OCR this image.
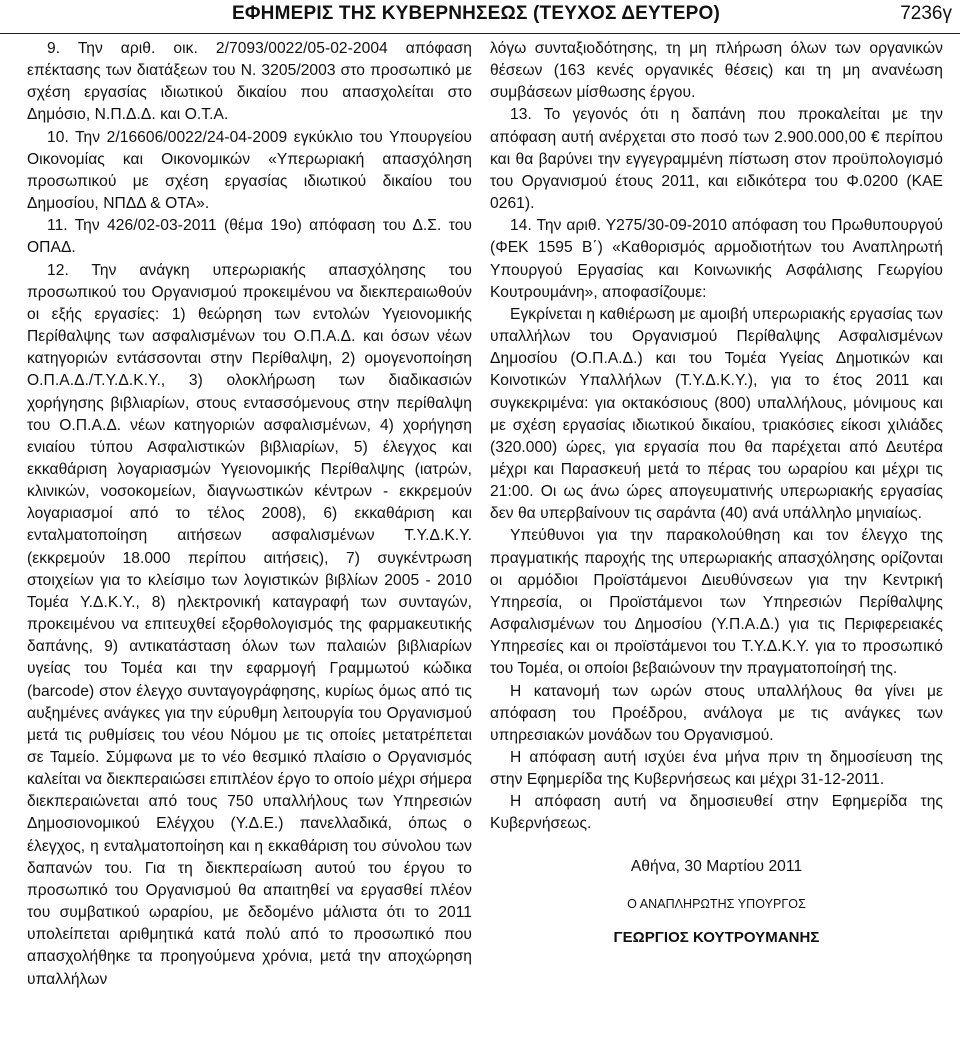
ΕΦΗΜΕΡΙΣ ΤΗΣ ΚΥΒΕΡΝΗΣΕΩΣ (ΤΕΥΧΟΣ ΔΕΥΤΕΡΟ)	7236γ

9. Την αριθ. οικ. 2/7093/0022/05-02-2004 απόφαση επέκτασης των διατάξεων του Ν. 3205/2003 στο προσωπικό με σχέση εργασίας ιδιωτικού δικαίου που απασχολείται στο Δημόσιο, Ν.Π.Δ.Δ. και Ο.Τ.Α.

10. Την 2/16606/0022/24-04-2009 εγκύκλιο του Υπουργείου Οικονομίας και Οικονομικών «Υπερωριακή απασχόληση προσωπικού με σχέση εργασίας ιδιωτικού δικαίου του Δημοσίου, ΝΠΔΔ & ΟΤΑ».

11. Την 426/02-03-2011 (θέμα 19ο) απόφαση του Δ.Σ. του ΟΠΑΔ.

12. Την ανάγκη υπερωριακής απασχόλησης του προσωπικού του Οργανισμού προκειμένου να διεκπεραιωθούν οι εξής εργασίες: 1) θεώρηση των εντολών Υγειονομικής Περίθαλψης των ασφαλισμένων του Ο.Π.Α.Δ. και όσων νέων κατηγοριών εντάσσονται στην Περίθαλψη, 2) ομογενοποίηση Ο.Π.Α.Δ./Τ.Υ.Δ.Κ.Υ., 3) ολοκλήρωση των διαδικασιών χορήγησης βιβλιαρίων, στους εντασσόμενους στην περίθαλψη του Ο.Π.Α.Δ. νέων κατηγοριών ασφαλισμένων, 4) χορήγηση ενιαίου τύπου Ασφαλιστικών βιβλιαρίων, 5) έλεγχος και εκκαθάριση λογαριασμών Υγειονομικής Περίθαλψης (ιατρών, κλινικών, νοσοκομείων, διαγνωστικών κέντρων - εκκρεμούν λογαριασμοί από το τέλος 2008), 6) εκκαθάριση και ενταλματοποίηση αιτήσεων ασφαλισμένων Τ.Υ.Δ.Κ.Υ. (εκκρεμούν 18.000 περίπου αιτήσεις), 7) συγκέντρωση στοιχείων για το κλείσιμο των λογιστικών βιβλίων 2005 - 2010 Τομέα Υ.Δ.Κ.Υ., 8) ηλεκτρονική καταγραφή των συνταγών, προκειμένου να επιτευχθεί εξορθολογισμός της φαρμακευτικής δαπάνης, 9) αντικατάσταση όλων των παλαιών βιβλιαρίων υγείας του Τομέα και την εφαρμογή Γραμμωτού κώδικα (barcode) στον έλεγχο συνταγογράφησης, κυρίως όμως από τις αυξημένες ανάγκες για την εύρυθμη λειτουργία του Οργανισμού μετά τις ρυθμίσεις του νέου Νόμου με τις οποίες μετατρέπεται σε Ταμείο. Σύμφωνα με το νέο θεσμικό πλαίσιο ο Οργανισμός καλείται να διεκπεραιώσει επιπλέον έργο το οποίο μέχρι σήμερα διεκπεραιώνεται από τους 750 υπαλλήλους των Υπηρεσιών Δημοσιονομικού Ελέγχου (Υ.Δ.Ε.) πανελλαδικά, όπως ο έλεγχος, η ενταλματοποίηση και η εκκαθάριση του σύνολου των δαπανών του. Για τη διεκπεραίωση αυτού του έργου το προσωπικό του Οργανισμού θα απαιτηθεί να εργασθεί πλέον του συμβατικού ωραρίου, με δεδομένο μάλιστα ότι το 2011 υπολείπεται αριθμητικά κατά πολύ από το προσωπικό που απασχολήθηκε τα προηγούμενα χρόνια, μετά την αποχώρηση υπαλλήλων

λόγω συνταξιοδότησης, τη μη πλήρωση όλων των οργανικών θέσεων (163 κενές οργανικές θέσεις) και τη μη ανανέωση συμβάσεων μίσθωσης έργου.

13. Το γεγονός ότι η δαπάνη που προκαλείται με την απόφαση αυτή ανέρχεται στο ποσό των 2.900.000,00 € περίπου και θα βαρύνει την εγγεγραμμένη πίστωση στον προϋπολογισμό του Οργανισμού έτους 2011, και ειδικότερα του Φ.0200 (ΚΑΕ 0261).

14. Την αριθ. Υ275/30-09-2010 απόφαση του Πρωθυπουργού (ΦΕΚ 1595 Β΄) «Καθορισμός αρμοδιοτήτων του Αναπληρωτή Υπουργού Εργασίας και Κοινωνικής Ασφάλισης Γεωργίου Κουτρουμάνη», αποφασίζουμε:

Εγκρίνεται η καθιέρωση με αμοιβή υπερωριακής εργασίας των υπαλλήλων του Οργανισμού Περίθαλψης Ασφαλισμένων Δημοσίου (Ο.Π.Α.Δ.) και του Τομέα Υγείας Δημοτικών και Κοινοτικών Υπαλλήλων (Τ.Υ.Δ.Κ.Υ.), για το έτος 2011 και συγκεκριμένα: για οκτακόσιους (800) υπαλλήλους, μόνιμους και με σχέση εργασίας ιδιωτικού δικαίου, τριακόσιες είκοσι χιλιάδες (320.000) ώρες, για εργασία που θα παρέχεται από Δευτέρα μέχρι και Παρασκευή μετά το πέρας του ωραρίου και μέχρι τις 21:00. Οι ως άνω ώρες απογευματινής υπερωριακής εργασίας δεν θα υπερβαίνουν τις σαράντα (40) ανά υπάλληλο μηνιαίως.

Υπεύθυνοι για την παρακολούθηση και τον έλεγχο της πραγματικής παροχής της υπερωριακής απασχόλησης ορίζονται οι αρμόδιοι Προϊστάμενοι Διευθύνσεων για την Κεντρική Υπηρεσία, οι Προϊστάμενοι των Υπηρεσιών Περίθαλψης Ασφαλισμένων του Δημοσίου (Υ.Π.Α.Δ.) για τις Περιφερειακές Υπηρεσίες και οι προϊστάμενοι του Τ.Υ.Δ.Κ.Υ. για το προσωπικό του Τομέα, οι οποίοι βεβαιώνουν την πραγματοποίησή της.

Η κατανομή των ωρών στους υπαλλήλους θα γίνει με απόφαση του Προέδρου, ανάλογα με τις ανάγκες των υπηρεσιακών μονάδων του Οργανισμού.

Η απόφαση αυτή ισχύει ένα μήνα πριν τη δημοσίευση της στην Εφημερίδα της Κυβερνήσεως και μέχρι 31-12-2011.

Η απόφαση αυτή να δημοσιευθεί στην Εφημερίδα της Κυβερνήσεως.

Αθήνα, 30 Μαρτίου 2011

Ο ΑΝΑΠΛΗΡΩΤΗΣ ΥΠΟΥΡΓΟΣ

ΓΕΩΡΓΙΟΣ ΚΟΥΤΡΟΥΜΑΝΗΣ
